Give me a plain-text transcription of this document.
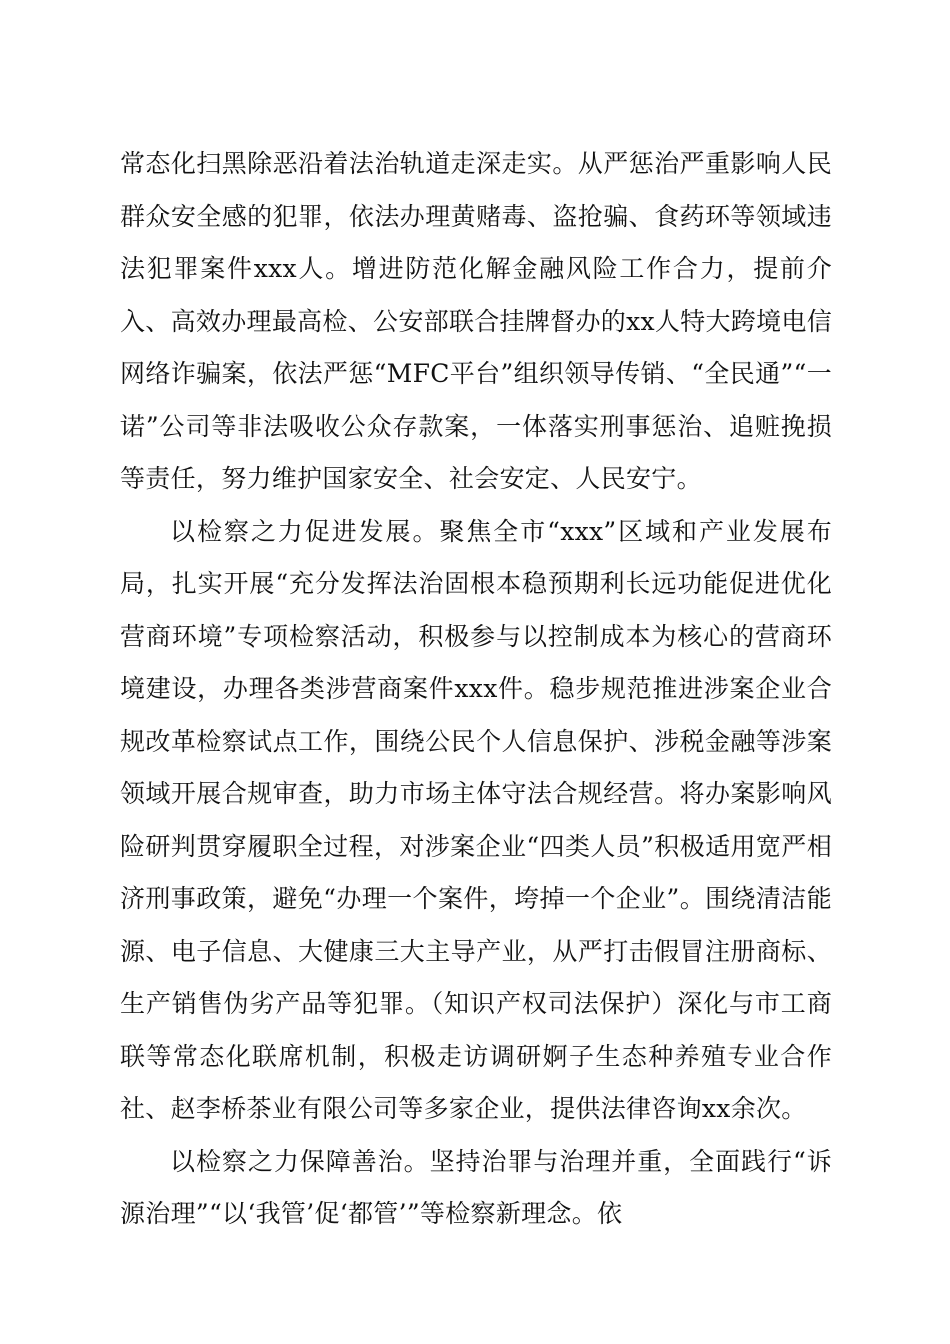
常态化扫黑除恶沿着法治轨道走深走实。从严惩治严重影响人民群众安全感的犯罪，依法办理黄赌毒、盗抢骗、食药环等领域违法犯罪案件xxx人。增进防范化解金融风险工作合力，提前介入、高效办理最高检、公安部联合挂牌督办的xx人特大跨境电信网络诈骗案，依法严惩“MFC平台”组织领导传销、“全民通”“一诺”公司等非法吸收公众存款案，一体落实刑事惩治、追赃挽损等责任，努力维护国家安全、社会安定、人民安宁。

以检察之力促进发展。聚焦全市“xxx”区域和产业发展布局，扎实开展“充分发挥法治固根本稳预期利长远功能促进优化营商环境”专项检察活动，积极参与以控制成本为核心的营商环境建设，办理各类涉营商案件xxx件。稳步规范推进涉案企业合规改革检察试点工作，围绕公民个人信息保护、涉税金融等涉案领域开展合规审查，助力市场主体守法合规经营。将办案影响风险研判贯穿履职全过程，对涉案企业“四类人员”积极适用宽严相济刑事政策，避免“办理一个案件，垮掉一个企业”。围绕清洁能源、电子信息、大健康三大主导产业，从严打击假冒注册商标、生产销售伪劣产品等犯罪。（知识产权司法保护）深化与市工商联等常态化联席机制，积极走访调研婀子生态种养殖专业合作社、赵李桥茶业有限公司等多家企业，提供法律咨询xx余次。

以检察之力保障善治。坚持治罪与治理并重，全面践行“诉源治理”“以‘我管’促‘都管’”等检察新理念。依
